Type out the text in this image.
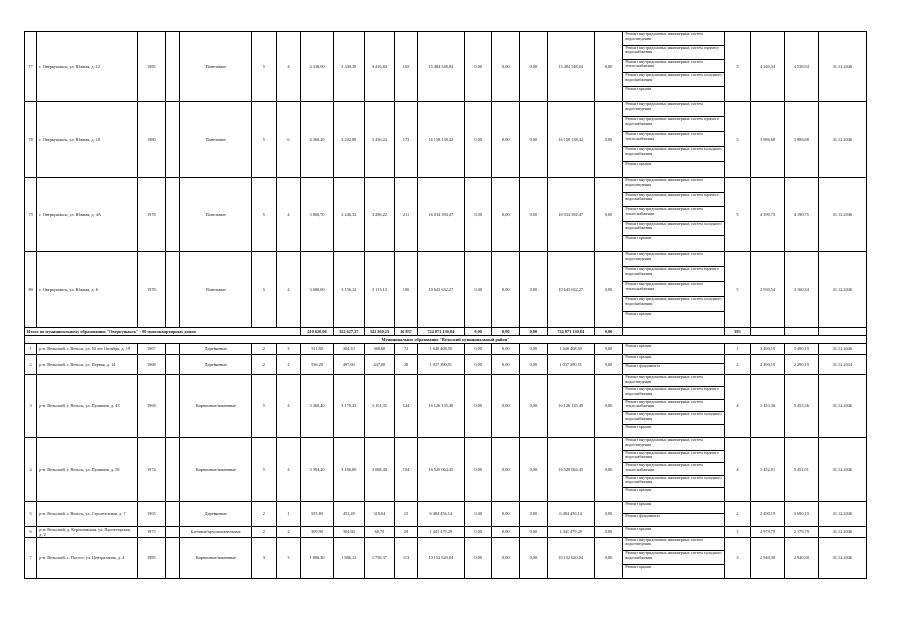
77	г. Оверкушакск, ул. Южная, д. 12	1985		Панельные	5	4	4 338,90	3 340,30	3 416,84	165	15 484 548,04	0,00	0,00	0,00	15 484 548,04	0,00	Ремонт внутридомовых инженерных систем водоотведения
Ремонт внутридомовых инженерных систем горячего водоснабжения
Ремонт внутридомовых инженерных систем теплоснабжения
Ремонт внутридомовых инженерных систем холодного водоснабжения
Ремонт крыши	5	4 340,34	4 538,94	31.12.2046
78	г. Оверкушакск, ул. Южная, д. 18	1980		Панельные	5	6	4 360,20	3 242,80	3 436,24	172	16 158 138,42	0,00	0,00	0,00	16 158 138,42	0,00	Ремонт внутридомовых инженерных систем водоотведения
Ремонт внутридомовых инженерных систем горячего водоснабжения
Ремонт внутридомовых инженерных систем теплоснабжения
Ремонт внутридомовых инженерных систем холодного водоснабжения
Ремонт крыши	5	3 986,68	3 986,68	31.12.2046
79	г. Оверкушакск, ул. Южная, д. 4А	1976		Панельные	5	4	3 860,70	3 246,32	3 286,22	211	16 034 394,47	0,00	0,00	0,00	16 034 394,47	0,00	Ремонт внутридомовых инженерных систем водоотведения
Ремонт внутридомовых инженерных систем горячего водоснабжения
Ремонт внутридомовых инженерных систем теплоснабжения
Ремонт внутридомовых инженерных систем холодного водоснабжения
Ремонт крыши	5	4 190,75	4 190,75	31.12.2046
80	г. Оверкушакск, ул. Южная, д. 6	1978		Панельные	5	4	3 680,00	3 156,12	3 113,13	190	10 643 632,27	0,00	0,00	0,00	10 643 632,27	0,00	Ремонт внутридомовых инженерных систем водоотведения
Ремонт внутридомовых инженерных систем горячего водоснабжения
Ремонт внутридомовых инженерных систем теплоснабжения
Ремонт внутридомовых инженерных систем холодного водоснабжения
Ремонт крыши	5	2 930,54	3 160,34	31.12.2046
Итого по муниципальному образованию "Оверкушакск" - 80 многоквартирных домов							410 620,06	352 627,37	342 360,25	16 837	724 073 130,84	0,00	0,00	0,00	724 073 130,84	0,00		393			
Муниципальное образование "Вельский муниципальный район"																					
1	р-н. Вельский, г. Вельск, ул. 50 лет Октября, д. 19	1967		Деревянные	2	3	511,60	364,10	368,60	72	1 640 408,50	0,00	0,00	0,00	1 640 408,50	0,00	Ремонт крыши	1	3 490,19	3 490,19	31.12.2046
2	р-н. Вельский, г. Вельск, ул. Первая, д. 14	1968		Деревянные	2	2	536,20	497,60	447,00	28	1 037 390,51	0,00	0,00	0,00	1 037 390,51	0,00	Ремонт крыши
Ремонт фундамента	2	2 490,19	2 290,19	31.12.2034
3	р-н. Вельский, г. Вельск, ул. Пушкина, д. 43	1968		Кирпичные/каменные	5	4	3 360,40	3 170,43	3 151,35	124	16 126 135,49	0,00	0,00	0,00	16 126 135,49	0,00	Ремонт внутридомовых инженерных систем водоотведения
Ремонт внутридомовых инженерных систем горячего водоснабжения
Ремонт внутридомовых инженерных систем теплоснабжения
Ремонт внутридомовых инженерных систем холодного водоснабжения
Ремонт крыши	4	5 453,36	5 453,36	31.12.2046
4	р-н. Вельский, г. Вельск, ул. Пушкина, д. 58	1974		Кирпичные/каменные	5	4	3 394,20	3 186,60	3 068,40	194	16 520 064,45	0,00	0,00	0,00	16 520 064,45	0,00	Ремонт внутридомовых инженерных систем водоотведения
Ремонт внутридомовых инженерных систем горячего водоснабжения
Ремонт внутридомовых инженерных систем теплоснабжения
Ремонт внутридомовых инженерных систем холодного водоснабжения
Ремонт крыши	4	5 452,01	5 452,01	31.12.2046
5	р-н. Вельский, г. Вельск, ул. Строительная, д. 7	1965		Деревянные	2	1	555,80	451,28	318,04	15	6 484 456,14	0,00	0,00	0,00	6 484 456,14	0,00	Ремонт крыши
Ремонт фундамента	2	2 490,19	3 690,19	31.12.2046
6	р-н. Вельский, д. Курошинская, ул. Пролетарская, д. 2	1975		Блочные/крупнопанельные	2	2	309,90	304,60	60,70	20	1 441 479,29	0,00	0,00	0,00	1 441 479,29	0,00	Ремонт крыши	1	2 979,79	2 179,79	31.12.2046
7	р-н. Вельский, с. Погост, ул. Центральная, д. 4	1985		Кирпичные/каменные	3	3	1 806,30	1 686,12	1 758,37	113	10 152 620,04	0,00	0,00	0,00	10 152 620,04	0,00	Ремонт внутридомовых инженерных систем водоотведения
Ремонт внутридомовых инженерных систем холодного водоснабжения
Ремонт крыши	3	2 940,30	2 940,30	31.12.2046
